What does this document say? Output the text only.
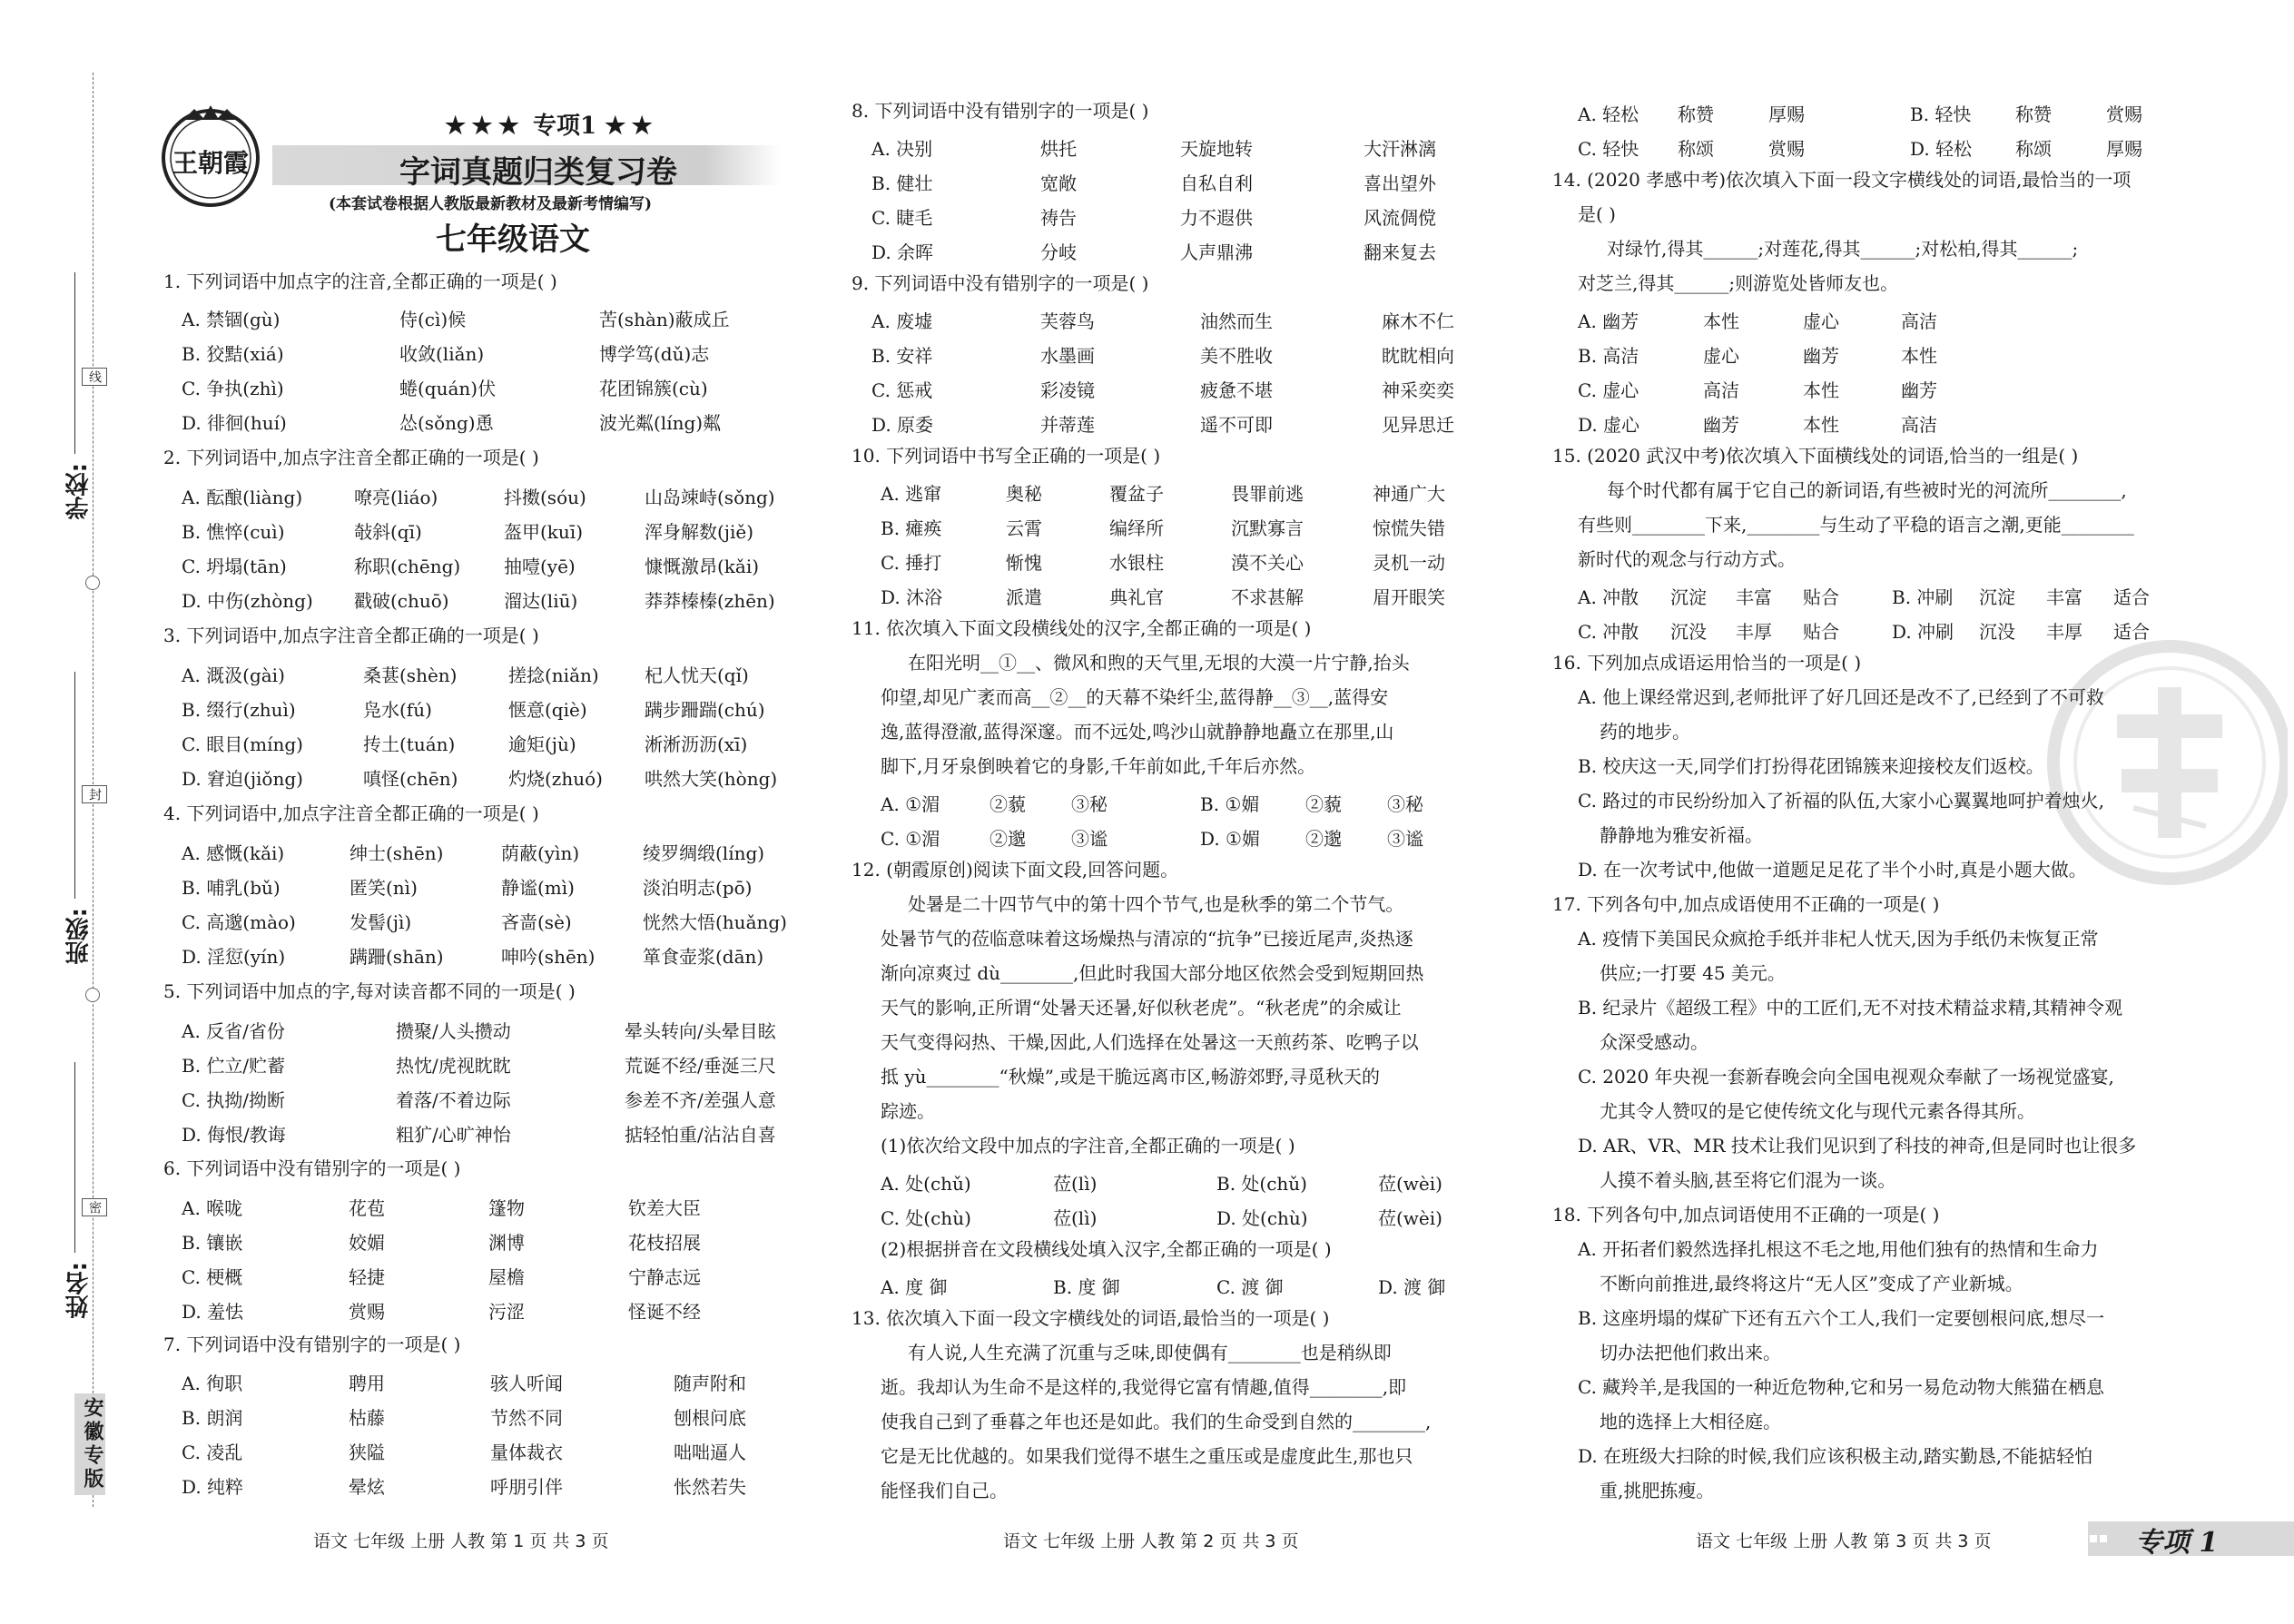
学校:
班级:
姓名:
线
封
密
安徽专版
王朝霞
★★★ 专项1 ★★
字词真题归类复习卷
(本套试卷根据人教版最新教材及最新考情编写)
七年级语文
1. 下列词语中加点字的注音,全都正确的一项是( )
A. 禁锢(gù)	侍(cì)候	苦(shàn)蔽成丘
B. 狡黠(xiá)	收敛(liǎn)	博学笃(dǔ)志
C. 争执(zhì)	蜷(quán)伏	花团锦簇(cù)
D. 徘徊(huí)	怂(sǒng)恿	波光粼(líng)粼
2. 下列词语中,加点字注音全都正确的一项是( )
A. 酝酿(liàng)	嘹亮(liáo)	抖擞(sóu)	山岛竦峙(sǒng)
B. 憔悴(cuì)	敧斜(qī)	盔甲(kuī)	浑身解数(jiě)
C. 坍塌(tān)	称职(chēng) 抽噎(yē)	慷慨激昂(kǎi)
D. 中伤(zhòng) 戳破(chuō)	溜达(liū)	莽莽榛榛(zhēn)
3. 下列词语中,加点字注音全都正确的一项是( )
A. 溉汲(gài)	桑葚(shèn)	搓捻(niǎn)	杞人忧天(qǐ)
B. 缀行(zhuì)	凫水(fú)	惬意(qiè)	蹒步跚踹(chú)
C. 眼目(míng)	抟土(tuán)	逾矩(jù)	淅淅沥沥(xī)
D. 窘迫(jiǒng)	嗔怪(chēn)	灼烧(zhuó) 哄然大笑(hòng)
4. 下列词语中,加点字注音全都正确的一项是( )
A. 感慨(kǎi)	绅士(shēn)	荫蔽(yìn)	绫罗绸缎(líng)
B. 哺乳(bǔ)	匿笑(nì)	静谧(mì)	淡泊明志(pō)
C. 高邈(mào)	发髻(jì)	吝啬(sè)	恍然大悟(huǎng)
D. 淫愆(yín)	蹒跚(shān)	呻吟(shēn)	箪食壶浆(dān)
5. 下列词语中加点的字,每对读音都不同的一项是( )
A. 反省/省份	攒聚/人头攒动	晕头转向/头晕目眩
B. 伫立/贮蓄	热忱/虎视眈眈	荒诞不经/垂涎三尺
C. 执拗/拗断	着落/不着边际	参差不齐/差强人意
D. 侮恨/教诲	粗犷/心旷神怡	掂轻怕重/沾沾自喜
6. 下列词语中没有错别字的一项是( )
A. 喉咙	花苞	篷物	钦差大臣
B. 镶嵌	姣媚	渊博	花枝招展
C. 梗概	轻捷	屋檐	宁静志远
D. 羞怯	赏赐	污涩	怪诞不经
7. 下列词语中没有错别字的一项是( )
A. 徇职	聘用	骇人听闻	随声附和
B. 朗润	枯藤	节然不同	刨根问底
C. 凌乱	狭隘	量体裁衣	咄咄逼人
D. 纯粹	晕炫	呼朋引伴	怅然若失
语文 七年级 上册 人教 第 1 页 共 3 页
8. 下列词语中没有错别字的一项是( )
A. 决别	烘托	天旋地转	大汗淋漓
B. 健壮	宽敞	自私自利	喜出望外
C. 睫毛	祷告	力不遐供	风流倜傥
D. 余晖	分岐	人声鼎沸	翻来复去
9. 下列词语中没有错别字的一项是( )
A. 废墟	芙蓉鸟	油然而生	麻木不仁
B. 安祥	水墨画	美不胜收	眈眈相向
C. 惩戒	彩凌镜	疲惫不堪	神采奕奕
D. 原委	并蒂莲	遥不可即	见异思迁
10. 下列词语中书写全正确的一项是( )
A. 逃窜	奥秘	覆盆子	畏罪前逃	神通广大
B. 瘫痪	云霄	编绎所	沉默寡言	惊慌失错
C. 捶打	惭愧	水银柱	漠不关心	灵机一动
D. 沐浴	派遣	典礼官	不求甚解	眉开眼笑
11. 依次填入下面文段横线处的汉字,全都正确的一项是( )
在阳光明__①__、微风和煦的天气里,无垠的大漠一片宁静,抬头
仰望,却见广袤而高__②__的天幕不染纤尘,蓝得静__③__,蓝得安
逸,蓝得澄澈,蓝得深邃。而不远处,鸣沙山就静静地矗立在那里,山
脚下,月牙泉倒映着它的身影,千年前如此,千年后亦然。
A. ①湄	②藐	③秘	B. ①媚	②藐	③秘
C. ①湄	②邈	③谧	D. ①媚	②邈	③谧
12. (朝霞原创)阅读下面文段,回答问题。
处暑是二十四节气中的第十四个节气,也是秋季的第二个节气。
处暑节气的莅临意味着这场燥热与清凉的“抗争”已接近尾声,炎热逐
渐向凉爽过 dù________,但此时我国大部分地区依然会受到短期回热
天气的影响,正所谓“处暑天还暑,好似秋老虎”。“秋老虎”的余威让
天气变得闷热、干燥,因此,人们选择在处暑这一天煎药茶、吃鸭子以
抵 yù________“秋燥”,或是干脆远离市区,畅游郊野,寻觅秋天的
踪迹。
(1)依次给文段中加点的字注音,全都正确的一项是( )
A. 处(chǔ)	莅(lì)	B. 处(chǔ)	莅(wèi)
C. 处(chù)	莅(lì)	D. 处(chù)	莅(wèi)
(2)根据拼音在文段横线处填入汉字,全都正确的一项是( )
A. 度 御	B. 度 御	C. 渡 御	D. 渡 御
13. 依次填入下面一段文字横线处的词语,最恰当的一项是( )
有人说,人生充满了沉重与乏味,即使偶有________也是稍纵即
逝。我却认为生命不是这样的,我觉得它富有情趣,值得________,即
使我自己到了垂暮之年也还是如此。我们的生命受到自然的________,
它是无比优越的。如果我们觉得不堪生之重压或是虚度此生,那也只
能怪我们自己。
语文 七年级 上册 人教 第 2 页 共 3 页
A. 轻松 称赞	厚赐	B. 轻快 称赞	赏赐
C. 轻快 称颂	赏赐	D. 轻松 称颂	厚赐
14. (2020 孝感中考)依次填入下面一段文字横线处的词语,最恰当的一项
是( )
对绿竹,得其______;对莲花,得其______;对松柏,得其______;
对芝兰,得其______;则游览处皆师友也。
A. 幽芳	本性	虚心	高洁
B. 高洁	虚心	幽芳	本性
C. 虚心	高洁	本性	幽芳
D. 虚心	幽芳	本性	高洁
15. (2020 武汉中考)依次填入下面横线处的词语,恰当的一组是( )
每个时代都有属于它自己的新词语,有些被时光的河流所________,
有些则________下来,________与生动了平稳的语言之潮,更能________
新时代的观念与行动方式。
A. 冲散 沉淀 丰富 贴合	B. 冲刷 沉淀 丰富 适合
C. 冲散 沉没 丰厚 贴合	D. 冲刷 沉没 丰厚 适合
16. 下列加点成语运用恰当的一项是( )
A. 他上课经常迟到,老师批评了好几回还是改不了,已经到了不可救
药的地步。
B. 校庆这一天,同学们打扮得花团锦簇来迎接校友们返校。
C. 路过的市民纷纷加入了祈福的队伍,大家小心翼翼地呵护着烛火,
静静地为雅安祈福。
D. 在一次考试中,他做一道题足足花了半个小时,真是小题大做。
17. 下列各句中,加点成语使用不正确的一项是( )
A. 疫情下美国民众疯抢手纸并非杞人忧天,因为手纸仍未恢复正常
供应;一打要 45 美元。
B. 纪录片《超级工程》中的工匠们,无不对技术精益求精,其精神令观
众深受感动。
C. 2020 年央视一套新春晚会向全国电视观众奉献了一场视觉盛宴,
尤其令人赞叹的是它使传统文化与现代元素各得其所。
D. AR、VR、MR 技术让我们见识到了科技的神奇,但是同时也让很多
人摸不着头脑,甚至将它们混为一谈。
18. 下列各句中,加点词语使用不正确的一项是( )
A. 开拓者们毅然选择扎根这不毛之地,用他们独有的热情和生命力
不断向前推进,最终将这片“无人区”变成了产业新城。
B. 这座坍塌的煤矿下还有五六个工人,我们一定要刨根问底,想尽一
切办法把他们救出来。
C. 藏羚羊,是我国的一种近危物种,它和另一易危动物大熊猫在栖息
地的选择上大相径庭。
D. 在班级大扫除的时候,我们应该积极主动,踏实勤恳,不能掂轻怕
重,挑肥拣瘦。
语文 七年级 上册 人教 第 3 页 共 3 页	专项 1
